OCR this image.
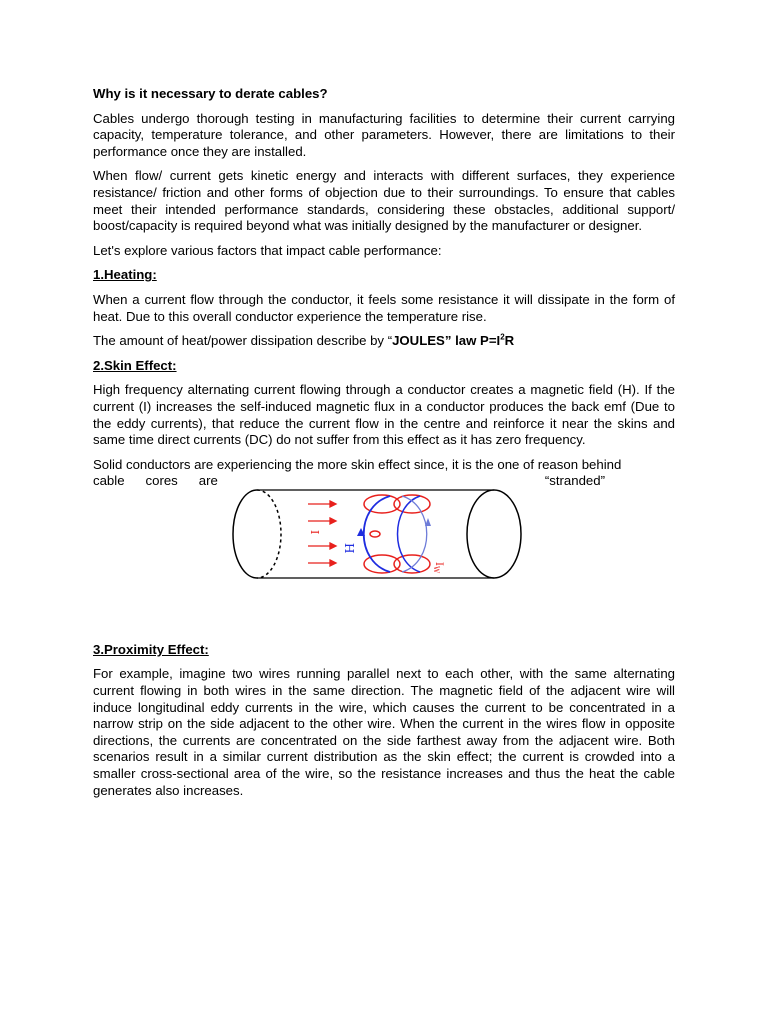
Why is it necessary to derate cables?

Cables undergo thorough testing in manufacturing facilities to determine their current carrying capacity, temperature tolerance, and other parameters. However, there are limitations to their performance once they are installed.

When flow/ current gets kinetic energy and interacts with different surfaces, they experience resistance/ friction and other forms of objection due to their surroundings. To ensure that cables meet their intended performance standards, considering these obstacles, additional support/ boost/capacity is required beyond what was initially designed by the manufacturer or designer.

Let's explore various factors that impact cable performance:

1.Heating:

When a current flow through the conductor, it feels some resistance it will dissipate in the form of heat. Due to this overall conductor experience the temperature rise.

The amount of heat/power dissipation describe by “JOULES” law $P=I^2R$

2.Skin Effect:

High frequency alternating current flowing through a conductor creates a magnetic field (H). If the current (I) increases the self-induced magnetic flux in a conductor produces the back emf (Due to the eddy currents), that reduce the current flow in the centre and reinforce it near the skins and same time direct currents (DC) do not suffer from this effect as it has zero frequency.

Solid conductors are experiencing the more skin effect since, it is the one of reason behind

cable cores are	“stranded”
I
H
$I_W$
3.Proximity Effect:

For example, imagine two wires running parallel next to each other, with the same alternating current flowing in both wires in the same direction. The magnetic field of the adjacent wire will induce longitudinal eddy currents in the wire, which causes the current to be concentrated in a narrow strip on the side adjacent to the other wire. When the current in the wires flow in opposite directions, the currents are concentrated on the side farthest away from the adjacent wire. Both scenarios result in a similar current distribution as the skin effect; the current is crowded into a smaller cross-sectional area of the wire, so the resistance increases and thus the heat the cable generates also increases.
